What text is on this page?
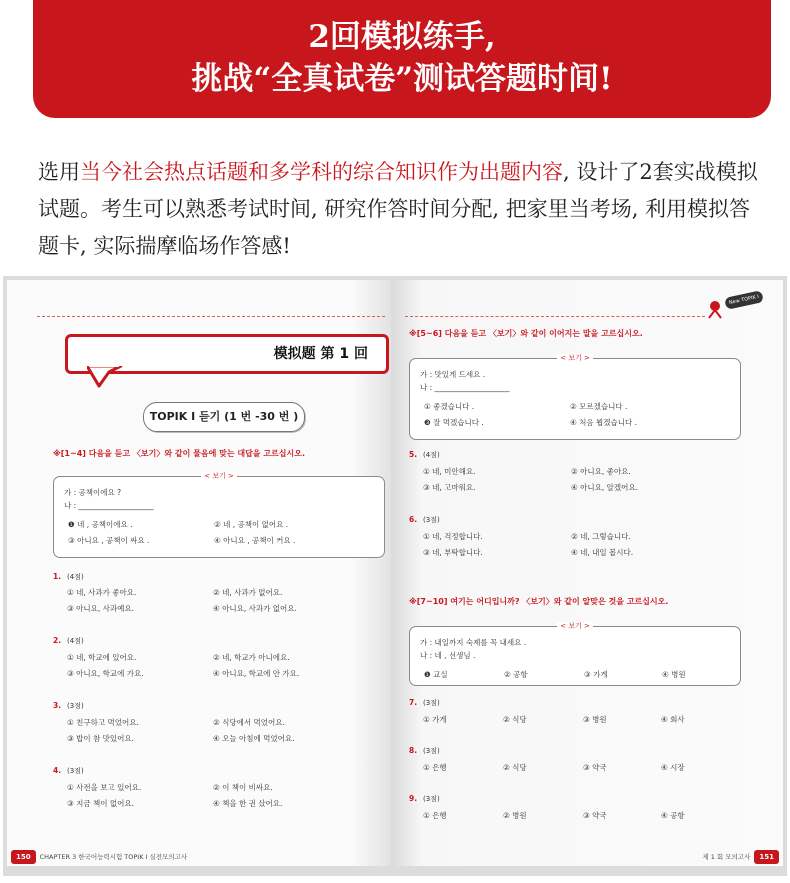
2回模拟练手,
挑战“全真试卷”测试答题时间!
选用当今社会热点话题和多学科的综合知识作为出题内容, 设计了2套实战模拟试题。考生可以熟悉考试时间, 研究作答时间分配, 把家里当考场, 利用模拟答题卡, 实际揣摩临场作答感!
模拟题 第 1 回
TOPIK Ⅰ 듣기 (1 번 -30 번 )
※[1~4] 다음을 듣고 〈보기〉와 같이 물음에 맞는 대답을 고르십시오.
< 보기 >
가 : 공책이에요 ?
나 : ____________________
❶ 네 , 공책이에요 .	② 네 , 공책이 없어요 .
③ 아니요 , 공책이 싸요 .	④ 아니요 , 공책이 커요 .
1. (4점)
① 네, 사과가 좋아요.	② 네, 사과가 없어요.
③ 아니요, 사과예요.	④ 아니요, 사과가 없어요.
2. (4점)
① 네, 학교에 있어요.	② 네, 학교가 아니에요.
③ 아니요, 학교에 가요.	④ 아니요, 학교에 안 가요.
3. (3점)
① 친구하고 먹었어요.	② 식당에서 먹었어요.
③ 밥이 참 맛있어요.	④ 오늘 아침에 먹었어요.
4. (3점)
① 사전을 보고 있어요.	② 이 책이 비싸요.
③ 지금 책이 없어요.	④ 책을 한 권 샀어요.
150 CHAPTER 3 한국어능력시험 TOPIK Ⅰ 실전모의고사
※[5~6] 다음을 듣고 〈보기〉와 같이 이어지는 말을 고르십시오.
< 보기 >
가 : 맛있게 드세요 .
나 : ____________________
① 좋겠습니다 .	② 모르겠습니다 .
❸ 잘 먹겠습니다 .	④ 처음 뵙겠습니다 .
5. (4점)
① 네, 미안해요.	② 아니요, 좋아요.
③ 네, 고마워요.	④ 아니요, 알겠어요.
6. (3점)
① 네, 걱정합니다.	② 네, 그렇습니다.
③ 네, 부탁합니다.	④ 네, 내일 봅시다.
※[7~10] 여기는 어디입니까? 〈보기〉와 같이 알맞은 것을 고르십시오.
< 보기 >
가 : 내일까지 숙제를 꼭 내세요 .
나 : 네 , 선생님 .
❶ 교실	② 공항	③ 가게	④ 병원
7. (3점)
① 가게	② 식당	③ 병원	④ 회사
8. (3점)
① 은행	② 식당	③ 약국	④ 시장
9. (3점)
① 은행	② 병원	③ 약국	④ 공항
제 1 회 모의고사 151
New TOPIK Ⅰ
